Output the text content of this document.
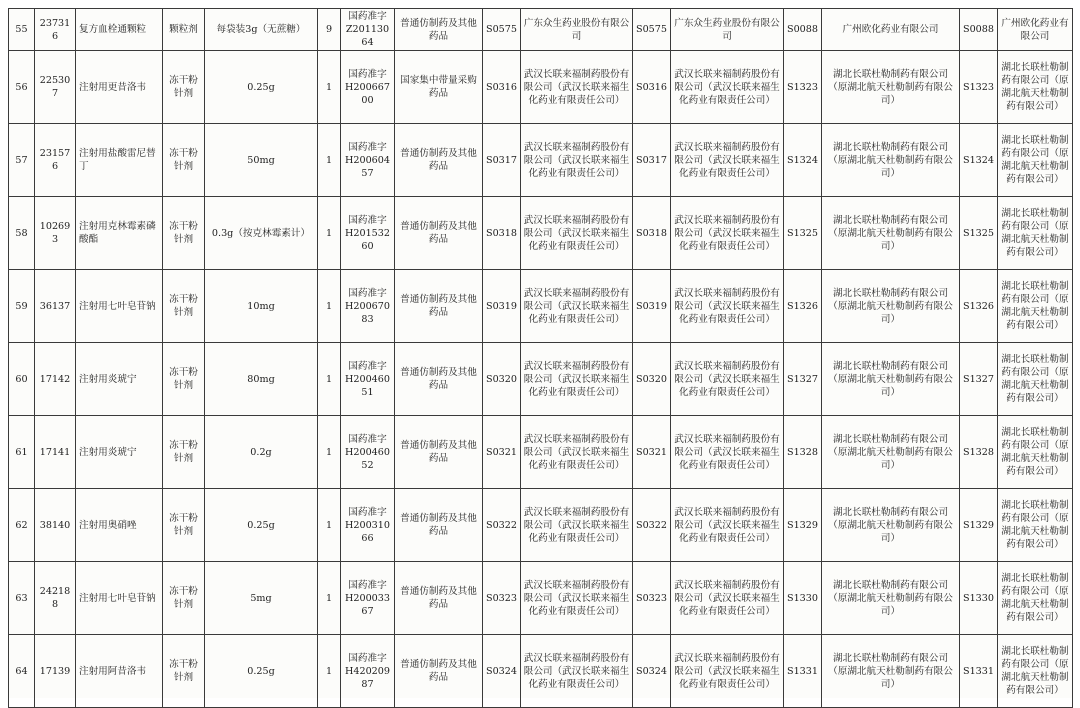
55	237316	复方血栓通颗粒	颗粒剂	每袋装3g（无蔗糖）	9	国药准字
Z20113064	普通仿制药及其他药品	S0575	广东众生药业股份有限公司	S0575	广东众生药业股份有限公司	S0088	广州欧化药业有限公司	S0088	广州欧化药业有限公司
56	225307	注射用更昔洛韦	冻干粉针剂	0.25g	1	国药准字
H20066700	国家集中带量采购药品	S0316	武汉长联来福制药股份有限公司（武汉长联来福生化药业有限责任公司）	S0316	武汉长联来福制药股份有限公司（武汉长联来福生化药业有限责任公司）	S1323	湖北长联杜勒制药有限公司（原湖北航天杜勒制药有限公司）	S1323	湖北长联杜勒制药有限公司（原湖北航天杜勒制药有限公司）
57	231576	注射用盐酸雷尼替丁	冻干粉针剂	50mg	1	国药准字
H20060457	普通仿制药及其他药品	S0317	武汉长联来福制药股份有限公司（武汉长联来福生化药业有限责任公司）	S0317	武汉长联来福制药股份有限公司（武汉长联来福生化药业有限责任公司）	S1324	湖北长联杜勒制药有限公司（原湖北航天杜勒制药有限公司）	S1324	湖北长联杜勒制药有限公司（原湖北航天杜勒制药有限公司）
58	102693	注射用克林霉素磷酸酯	冻干粉针剂	0.3g（按克林霉素计）	1	国药准字
H20153260	普通仿制药及其他药品	S0318	武汉长联来福制药股份有限公司（武汉长联来福生化药业有限责任公司）	S0318	武汉长联来福制药股份有限公司（武汉长联来福生化药业有限责任公司）	S1325	湖北长联杜勒制药有限公司（原湖北航天杜勒制药有限公司）	S1325	湖北长联杜勒制药有限公司（原湖北航天杜勒制药有限公司）
59	36137	注射用七叶皂苷钠	冻干粉针剂	10mg	1	国药准字
H20067083	普通仿制药及其他药品	S0319	武汉长联来福制药股份有限公司（武汉长联来福生化药业有限责任公司）	S0319	武汉长联来福制药股份有限公司（武汉长联来福生化药业有限责任公司）	S1326	湖北长联杜勒制药有限公司（原湖北航天杜勒制药有限公司）	S1326	湖北长联杜勒制药有限公司（原湖北航天杜勒制药有限公司）
60	17142	注射用炎琥宁	冻干粉针剂	80mg	1	国药准字
H20046051	普通仿制药及其他药品	S0320	武汉长联来福制药股份有限公司（武汉长联来福生化药业有限责任公司）	S0320	武汉长联来福制药股份有限公司（武汉长联来福生化药业有限责任公司）	S1327	湖北长联杜勒制药有限公司（原湖北航天杜勒制药有限公司）	S1327	湖北长联杜勒制药有限公司（原湖北航天杜勒制药有限公司）
61	17141	注射用炎琥宁	冻干粉针剂	0.2g	1	国药准字
H20046052	普通仿制药及其他药品	S0321	武汉长联来福制药股份有限公司（武汉长联来福生化药业有限责任公司）	S0321	武汉长联来福制药股份有限公司（武汉长联来福生化药业有限责任公司）	S1328	湖北长联杜勒制药有限公司（原湖北航天杜勒制药有限公司）	S1328	湖北长联杜勒制药有限公司（原湖北航天杜勒制药有限公司）
62	38140	注射用奥硝唑	冻干粉针剂	0.25g	1	国药准字
H20031066	普通仿制药及其他药品	S0322	武汉长联来福制药股份有限公司（武汉长联来福生化药业有限责任公司）	S0322	武汉长联来福制药股份有限公司（武汉长联来福生化药业有限责任公司）	S1329	湖北长联杜勒制药有限公司（原湖北航天杜勒制药有限公司）	S1329	湖北长联杜勒制药有限公司（原湖北航天杜勒制药有限公司）
63	242188	注射用七叶皂苷钠	冻干粉针剂	5mg	1	国药准字
H20003367	普通仿制药及其他药品	S0323	武汉长联来福制药股份有限公司（武汉长联来福生化药业有限责任公司）	S0323	武汉长联来福制药股份有限公司（武汉长联来福生化药业有限责任公司）	S1330	湖北长联杜勒制药有限公司（原湖北航天杜勒制药有限公司）	S1330	湖北长联杜勒制药有限公司（原湖北航天杜勒制药有限公司）
64	17139	注射用阿昔洛韦	冻干粉针剂	0.25g	1	国药准字
H42020987	普通仿制药及其他药品	S0324	武汉长联来福制药股份有限公司（武汉长联来福生化药业有限责任公司）	S0324	武汉长联来福制药股份有限公司（武汉长联来福生化药业有限责任公司）	S1331	湖北长联杜勒制药有限公司（原湖北航天杜勒制药有限公司）	S1331	湖北长联杜勒制药有限公司（原湖北航天杜勒制药有限公司）
